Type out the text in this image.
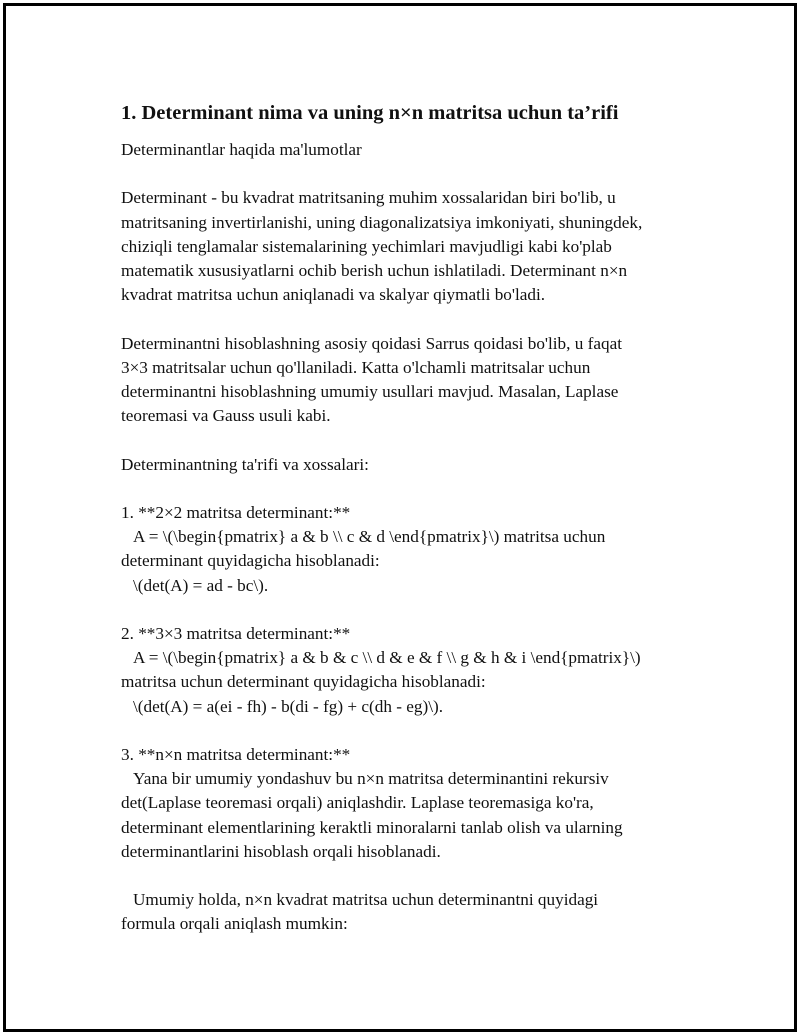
1. Determinant nima va uning n×n matritsa uchun ta’rifi

Determinantlar haqida ma'lumotlar

Determinant - bu kvadrat matritsaning muhim xossalaridan biri bo'lib, u

matritsaning invertirlanishi, uning diagonalizatsiya imkoniyati, shuningdek,

chiziqli tenglamalar sistemalarining yechimlari mavjudligi kabi ko'plab

matematik xususiyatlarni ochib berish uchun ishlatiladi. Determinant n×n

kvadrat matritsa uchun aniqlanadi va skalyar qiymatli bo'ladi.

Determinantni hisoblashning asosiy qoidasi Sarrus qoidasi bo'lib, u faqat

3×3 matritsalar uchun qo'llaniladi. Katta o'lchamli matritsalar uchun

determinantni hisoblashning umumiy usullari mavjud. Masalan, Laplase

teoremasi va Gauss usuli kabi.

Determinantning ta'rifi va xossalari:

1. **2×2 matritsa determinant:**

A = \(\begin{pmatrix} a & b \\ c & d \end{pmatrix}\) matritsa uchun

determinant quyidagicha hisoblanadi:

\(det(A) = ad - bc\).

2. **3×3 matritsa determinant:**

A = \(\begin{pmatrix} a & b & c \\ d & e & f \\ g & h & i \end{pmatrix}\)

matritsa uchun determinant quyidagicha hisoblanadi:

\(det(A) = a(ei - fh) - b(di - fg) + c(dh - eg)\).

3. **n×n matritsa determinant:**

Yana bir umumiy yondashuv bu n×n matritsa determinantini rekursiv

det(Laplase teoremasi orqali) aniqlashdir. Laplase teoremasiga ko'ra,

determinant elementlarining keraktli minoralarni tanlab olish va ularning

determinantlarini hisoblash orqali hisoblanadi.

Umumiy holda, n×n kvadrat matritsa uchun determinantni quyidagi

formula orqali aniqlash mumkin:
